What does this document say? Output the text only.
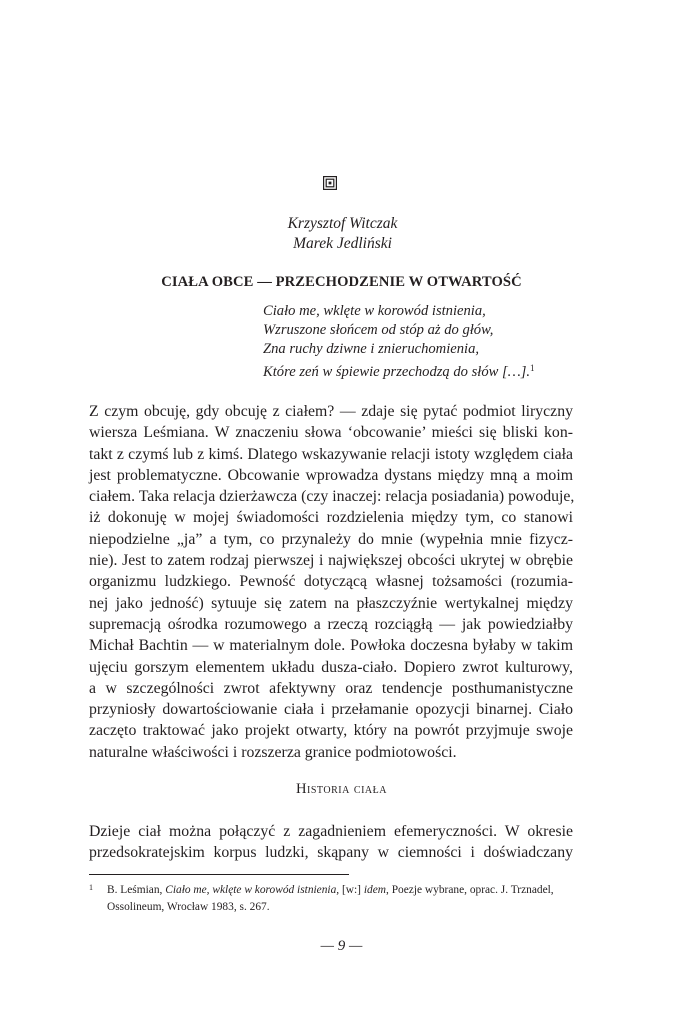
Krzysztof Witczak
Marek Jedliński
CIAŁA OBCE — PRZECHODZENIE W OTWARTOŚĆ
Ciało me, wklęte w korowód istnienia,
Wzruszone słońcem od stóp aż do głów,
Zna ruchy dziwne i znieruchomienia,
Które zeń w śpiewie przechodzą do słów […].$^1$
Z czym obcuję, gdy obcuję z ciałem? — zdaje się pytać podmiot liryczny
wiersza Leśmiana. W znaczeniu słowa ‘obcowanie’ mieści się bliski kon-
takt z czymś lub z kimś. Dlatego wskazywanie relacji istoty względem ciała
jest problematyczne. Obcowanie wprowadza dystans między mną a moim
ciałem. Taka relacja dzierżawcza (czy inaczej: relacja posiadania) powoduje,
iż dokonuję w mojej świadomości rozdzielenia między tym, co stanowi
niepodzielne „ja” a tym, co przynależy do mnie (wypełnia mnie fizycz-
nie). Jest to zatem rodzaj pierwszej i największej obcości ukrytej w obrębie
organizmu ludzkiego. Pewność dotyczącą własnej tożsamości (rozumia-
nej jako jedność) sytuuje się zatem na płaszczyźnie wertykalnej między
supremacją ośrodka rozumowego a rzeczą rozciągłą — jak powiedziałby
Michał Bachtin — w materialnym dole. Powłoka doczesna byłaby w takim
ujęciu gorszym elementem układu dusza-ciało. Dopiero zwrot kulturowy,
a w szczególności zwrot afektywny oraz tendencje posthumanistyczne
przyniosły dowartościowanie ciała i przełamanie opozycji binarnej. Ciało
zaczęto traktować jako projekt otwarty, który na powrót przyjmuje swoje
naturalne właściwości i rozszerza granice podmiotowości.
Historia ciała
Dzieje ciał można połączyć z zagadnieniem efemeryczności. W okresie
przedsokratejskim korpus ludzki, skąpany w ciemności i doświadczany
1 B. Leśmian, Ciało me, wklęte w korowód istnienia, [w:] idem, Poezje wybrane, oprac. J. Trznadel,
Ossolineum, Wrocław 1983, s. 267.
— 9 —
